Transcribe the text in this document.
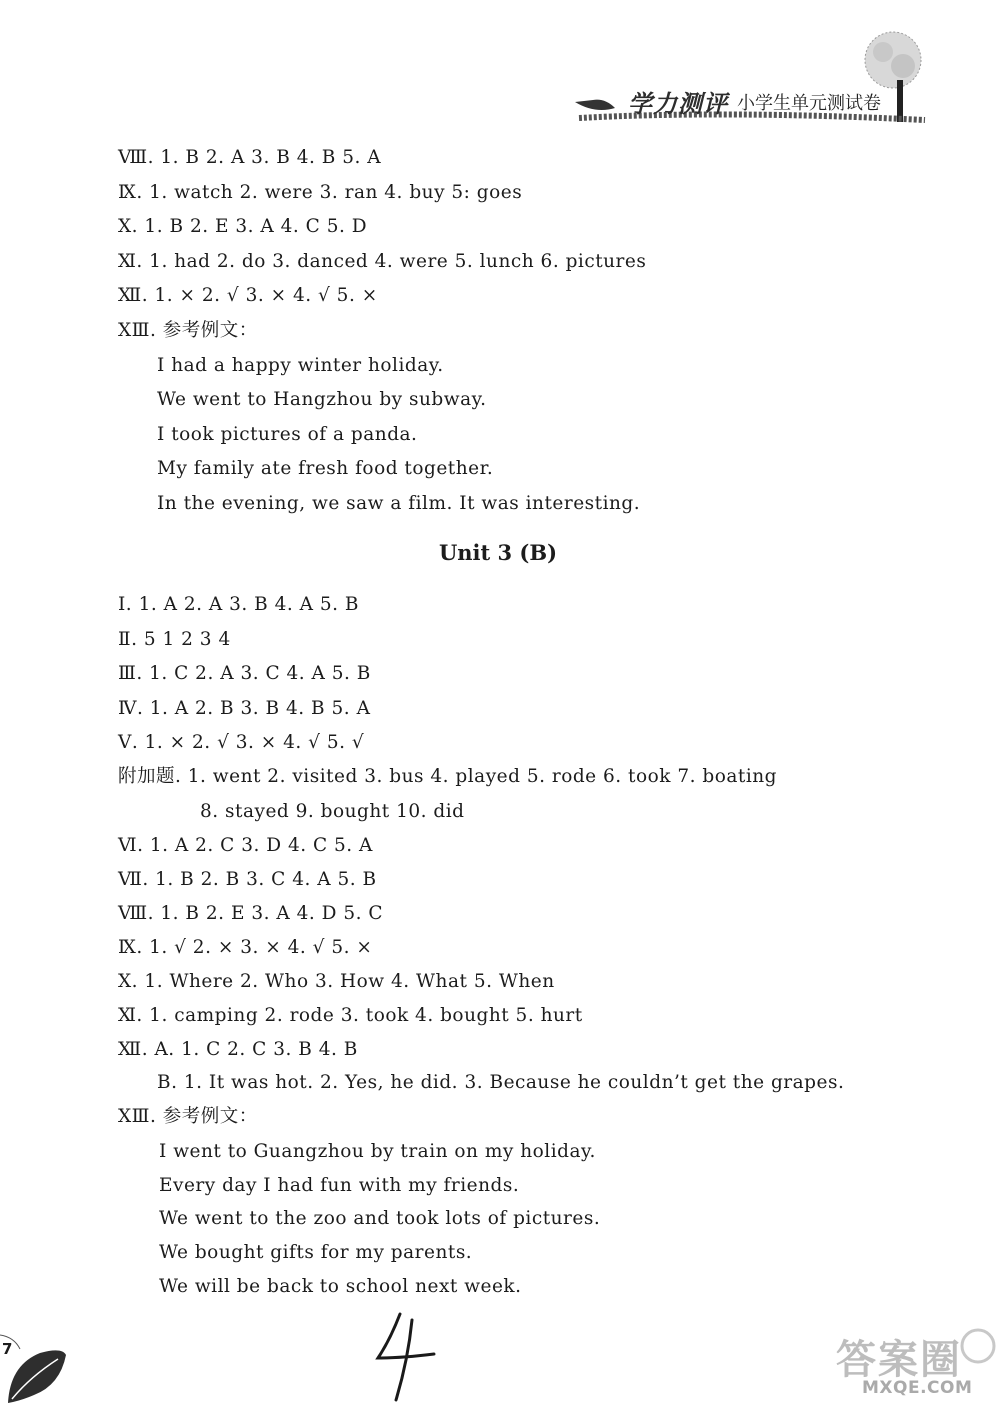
学力测评 小学生单元测试卷
Ⅷ. 1. B 2. A 3. B 4. B 5. A
Ⅸ. 1. watch 2. were 3. ran 4. buy 5: goes
Ⅹ. 1. B 2. E 3. A 4. C 5. D
Ⅺ. 1. had 2. do 3. danced 4. were 5. lunch 6. pictures
Ⅻ. 1. × 2. √ 3. × 4. √ 5. ×
ⅩⅢ. 参考例文：
I had a happy winter holiday.
We went to Hangzhou by subway.
I took pictures of a panda.
My family ate fresh food together.
In the evening, we saw a film. It was interesting.
Unit 3 (B)
Ⅰ. 1. A 2. A 3. B 4. A 5. B
Ⅱ. 5 1 2 3 4
Ⅲ. 1. C 2. A 3. C 4. A 5. B
Ⅳ. 1. A 2. B 3. B 4. B 5. A
Ⅴ. 1. × 2. √ 3. × 4. √ 5. √
附加题. 1. went 2. visited 3. bus 4. played 5. rode 6. took 7. boating
8. stayed 9. bought 10. did
Ⅵ. 1. A 2. C 3. D 4. C 5. A
Ⅶ. 1. B 2. B 3. C 4. A 5. B
Ⅷ. 1. B 2. E 3. A 4. D 5. C
Ⅸ. 1. √ 2. × 3. × 4. √ 5. ×
Ⅹ. 1. Where 2. Who 3. How 4. What 5. When
Ⅺ. 1. camping 2. rode 3. took 4. bought 5. hurt
Ⅻ. A. 1. C 2. C 3. B 4. B
B. 1. It was hot. 2. Yes, he did. 3. Because he couldn’t get the grapes.
ⅩⅢ. 参考例文：
I went to Guangzhou by train on my holiday.
Every day I had fun with my friends.
We went to the zoo and took lots of pictures.
We bought gifts for my parents.
We will be back to school next week.
7	答案圈
MXQE.COM
